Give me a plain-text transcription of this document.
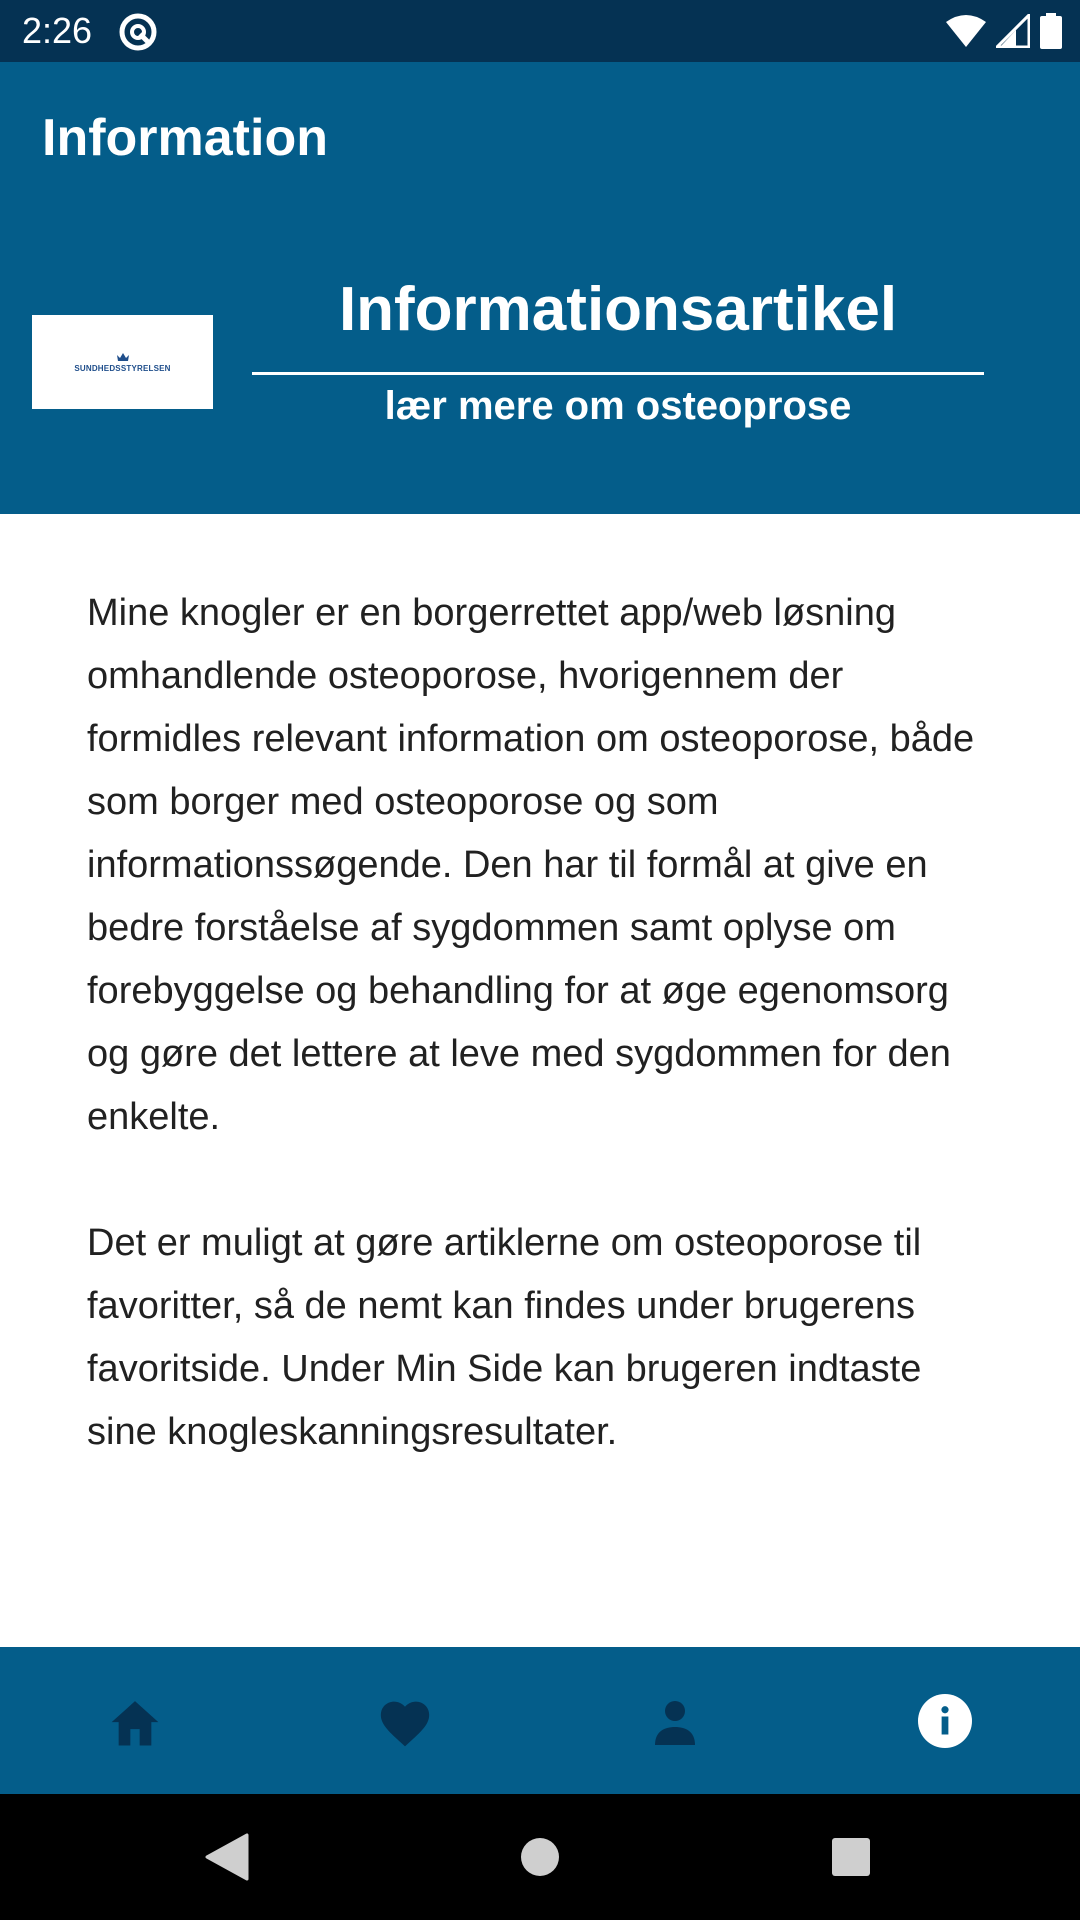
2:26
Information
SUNDHEDSSTYRELSEN
Informationsartikel

lær mere om osteoprose

Mine knogler er en borgerrettet app/web løsning omhandlende osteoporose, hvorigennem der formidles relevant information om osteoporose, både som borger med osteoporose og som informationssøgende. Den har til formål at give en bedre forståelse af sygdommen samt oplyse om forebyggelse og behandling for at øge egenomsorg og gøre det lettere at leve med sygdommen for den enkelte.

Det er muligt at gøre artiklerne om osteoporose til favoritter, så de nemt kan findes under brugerens favoritside. Under Min Side kan brugeren indtaste sine knogleskanningsresultater.
